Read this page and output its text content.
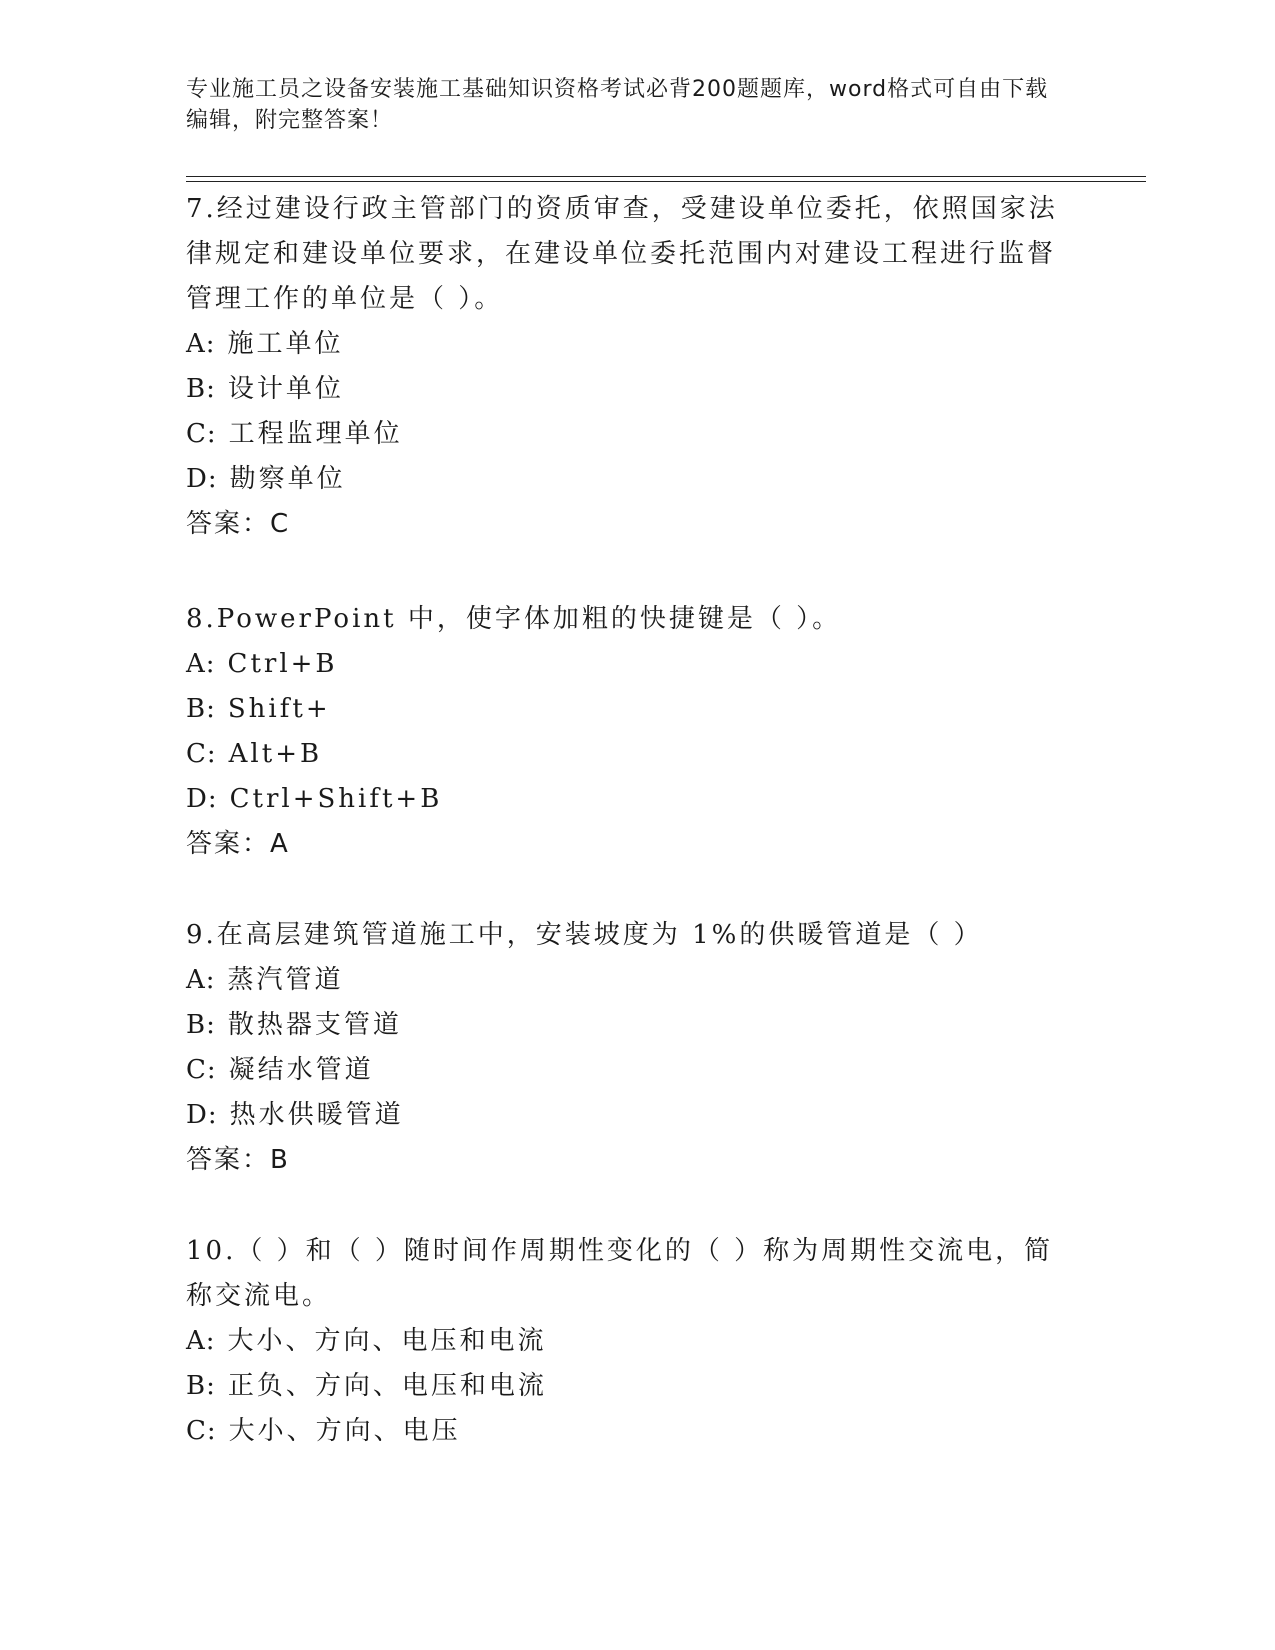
专业施工员之设备安装施工基础知识资格考试必背200题题库，word格式可自由下载编辑，附完整答案！

7.经过建设行政主管部门的资质审查，受建设单位委托，依照国家法律规定和建设单位要求，在建设单位委托范围内对建设工程进行监督管理工作的单位是（ ）。

A: 施工单位

B: 设计单位

C: 工程监理单位

D: 勘察单位

答案：C

8.PowerPoint 中，使字体加粗的快捷键是（ ）。

A: Ctrl+B

B: Shift+

C: Alt+B

D: Ctrl+Shift+B

答案：A

9.在高层建筑管道施工中，安装坡度为 1%的供暖管道是（ ）

A: 蒸汽管道

B: 散热器支管道

C: 凝结水管道

D: 热水供暖管道

答案：B

10.（ ）和（ ）随时间作周期性变化的（ ）称为周期性交流电，简称交流电。

A: 大小、方向、电压和电流

B: 正负、方向、电压和电流

C: 大小、方向、电压
